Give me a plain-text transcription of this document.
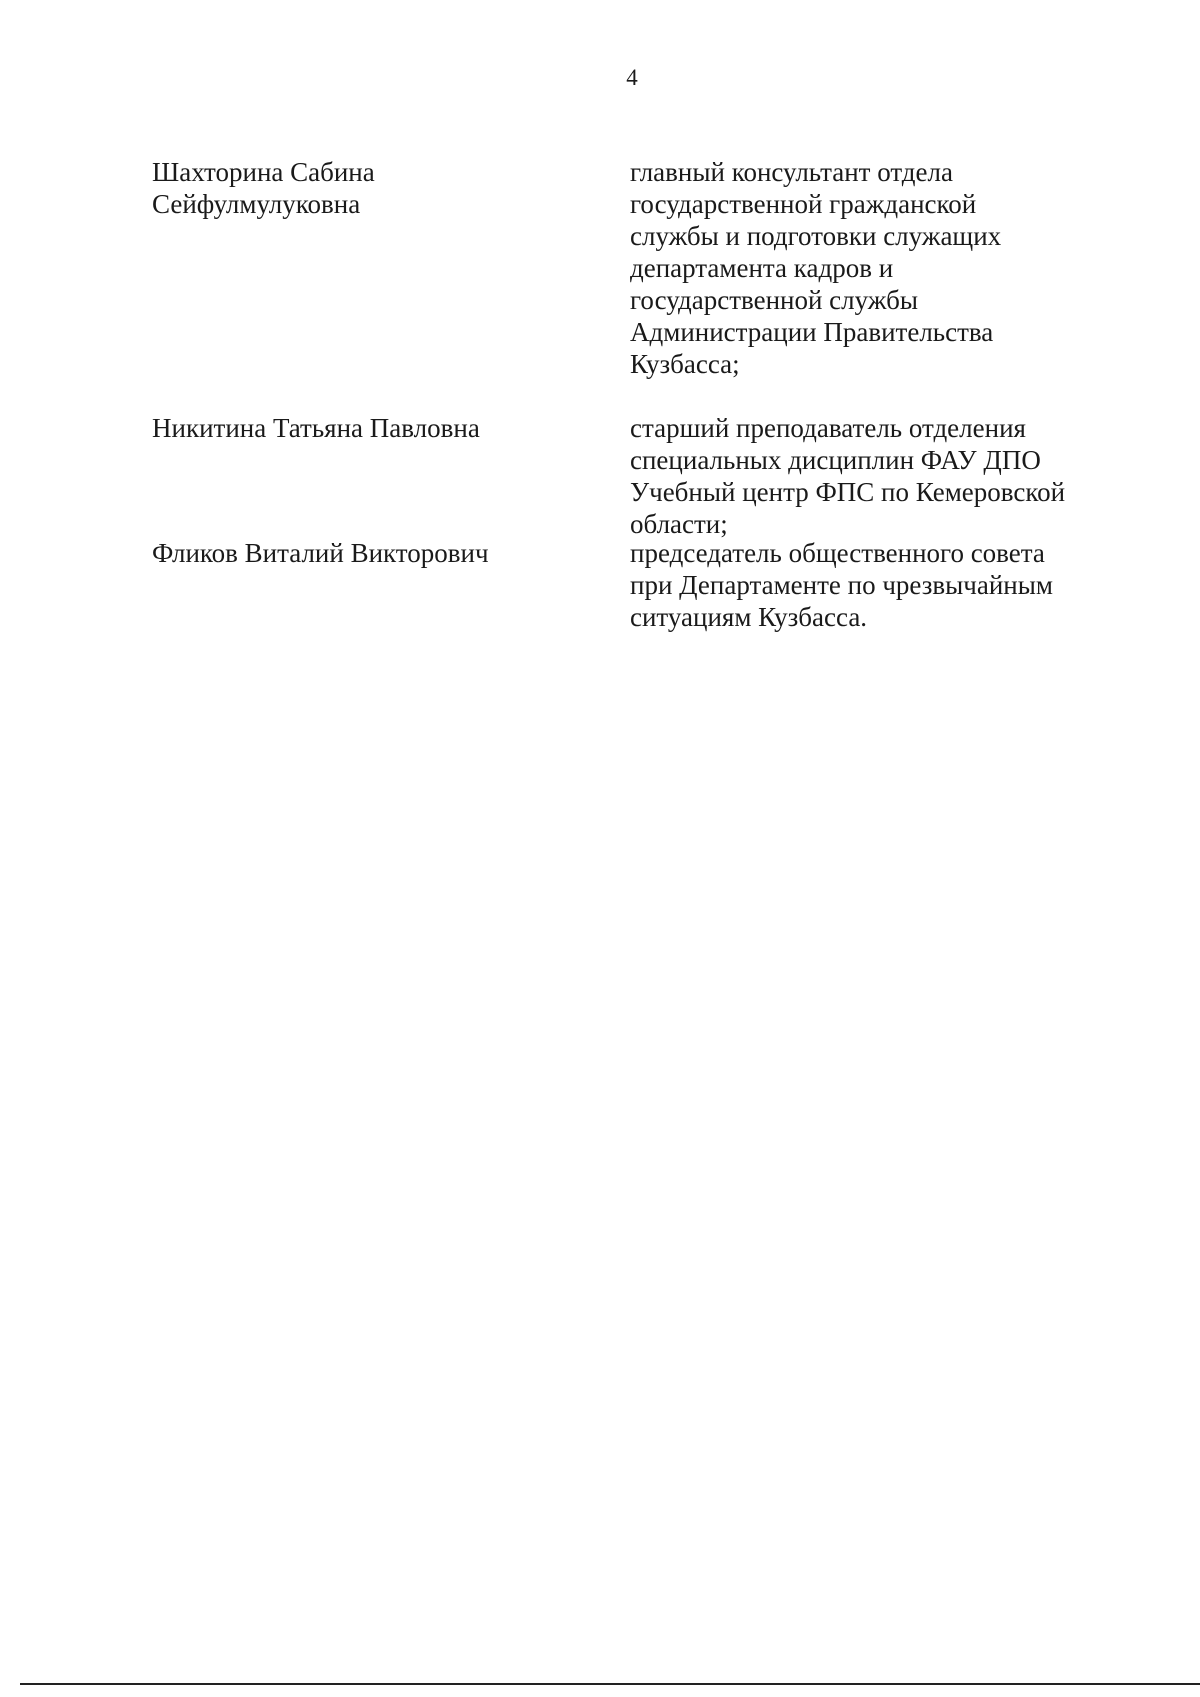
4
Шахторина Сабина
Сейфулмулуковна
главный консультант отдела
государственной гражданской
службы и подготовки служащих
департамента кадров и
государственной службы
Администрации Правительства
Кузбасса;
Никитина Татьяна Павловна	старший преподаватель отделения
специальных дисциплин ФАУ ДПО
Учебный центр ФПС по Кемеровской
области;
Фликов Виталий Викторович	председатель общественного совета
при Департаменте по чрезвычайным
ситуациям Кузбасса.
